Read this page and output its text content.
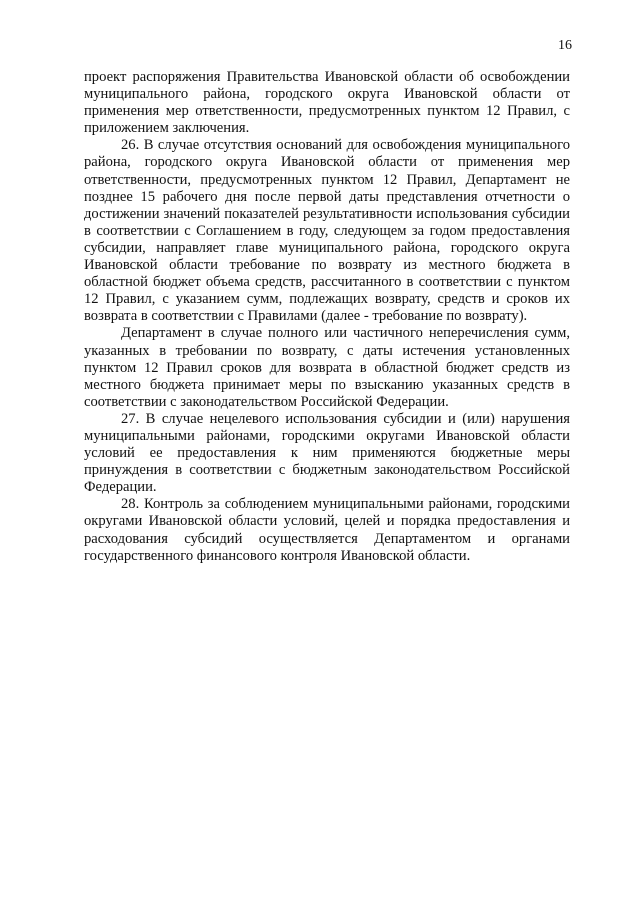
16

проект распоряжения Правительства Ивановской области об освобождении муниципального района, городского округа Ивановской области от применения мер ответственности, предусмотренных пунктом 12 Правил, с приложением заключения.

26. В случае отсутствия оснований для освобождения муниципального района, городского округа Ивановской области от применения мер ответственности, предусмотренных пунктом 12 Правил, Департамент не позднее 15 рабочего дня после первой даты представления отчетности о достижении значений показателей результативности использования субсидии в соответствии с Соглашением в году, следующем за годом предоставления субсидии, направляет главе муниципального района, городского округа Ивановской области требование по возврату из местного бюджета в областной бюджет объема средств, рассчитанного в соответствии с пунктом 12 Правил, с указанием сумм, подлежащих возврату, средств и сроков их возврата в соответствии с Правилами (далее - требование по возврату).

Департамент в случае полного или частичного неперечисления сумм, указанных в требовании по возврату, с даты истечения установленных пунктом 12 Правил сроков для возврата в областной бюджет средств из местного бюджета принимает меры по взысканию указанных средств в соответствии с законодательством Российской Федерации.

27. В случае нецелевого использования субсидии и (или) нарушения муниципальными районами, городскими округами Ивановской области условий ее предоставления к ним применяются бюджетные меры принуждения в соответствии с бюджетным законодательством Российской Федерации.

28. Контроль за соблюдением муниципальными районами, городскими округами Ивановской области условий, целей и порядка предоставления и расходования субсидий осуществляется Департаментом и органами государственного финансового контроля Ивановской области.
